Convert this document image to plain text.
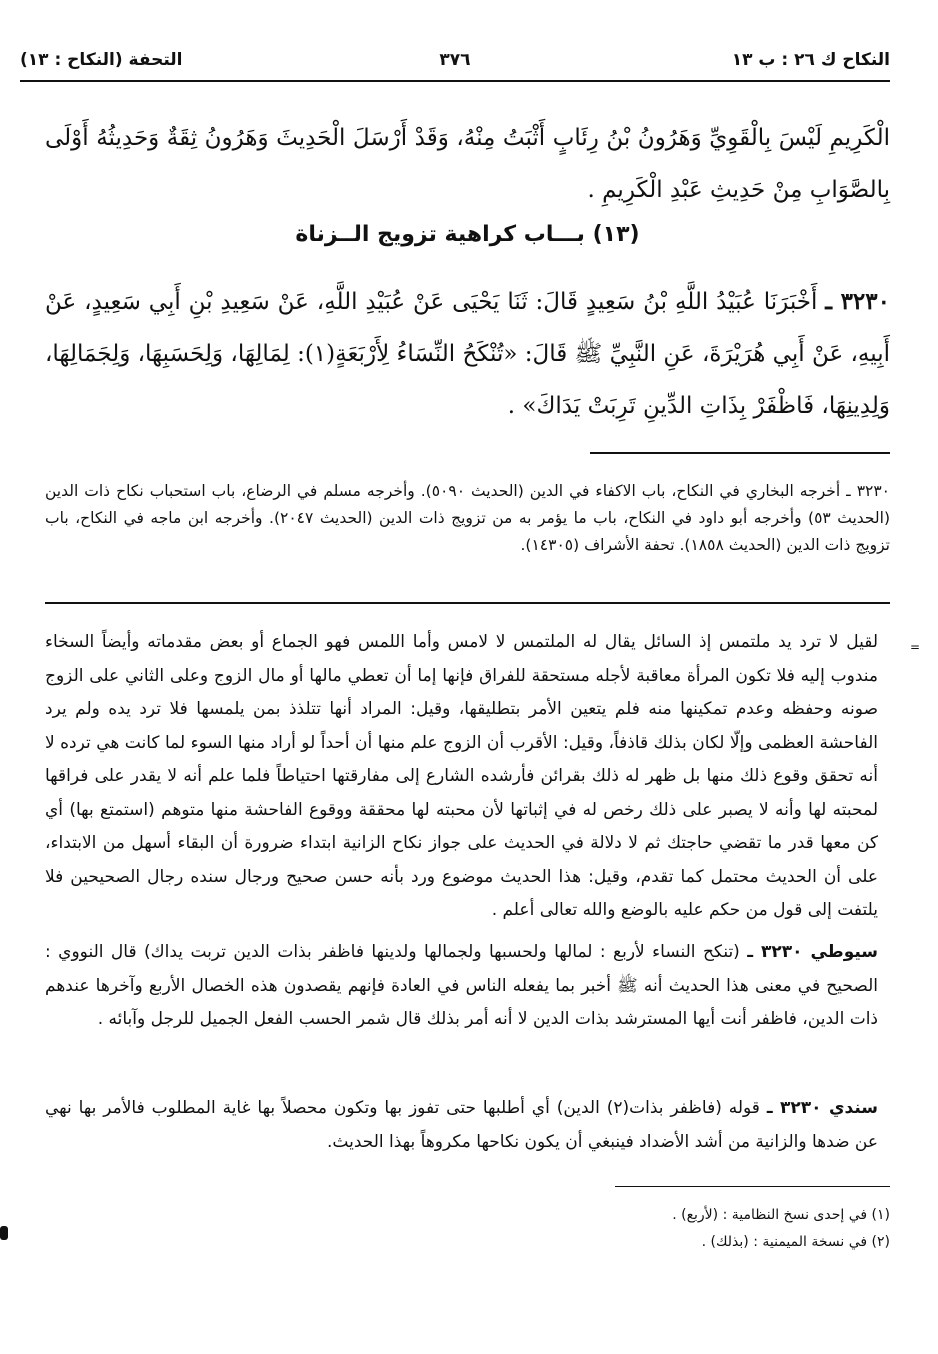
النكاح ك ٢٦ : ب ١٣
٣٧٦
التحفة (النكاح : ١٣)
الْكَرِيمِ لَيْسَ بِالْقَوِيِّ وَهَرُونُ بْنُ رِئَابٍ أَثْبَتُ مِنْهُ، وَقَدْ أَرْسَلَ الْحَدِيثَ وَهَرُونُ ثِقَةٌ وَحَدِيثُهُ أَوْلَى بِالصَّوَابِ مِنْ حَدِيثِ عَبْدِ الْكَرِيمِ .
(١٣) بـــاب كراهية تزويج الــزناة
٣٢٣٠ ـ أَخْبَرَنَا عُبَيْدُ اللَّهِ بْنُ سَعِيدٍ قَالَ: ثَنَا يَحْيَى عَنْ عُبَيْدِ اللَّهِ، عَنْ سَعِيدِ بْنِ أَبِي سَعِيدٍ، عَنْ أَبِيهِ، عَنْ أَبِي هُرَيْرَةَ، عَنِ النَّبِيِّ ﷺ قَالَ: «تُنْكَحُ النِّسَاءُ لِأَرْبَعَةٍ(١): لِمَالِهَا، وَلِحَسَبِهَا، وَلِجَمَالِهَا، وَلِدِينِهَا، فَاظْفَرْ بِذَاتِ الدِّينِ تَرِبَتْ يَدَاكَ» .
٣٢٣٠ ـ أخرجه البخاري في النكاح، باب الاكفاء في الدين (الحديث ٥٠٩٠). وأخرجه مسلم في الرضاع، باب استحباب نكاح ذات الدين (الحديث ٥٣) وأخرجه أبو داود في النكاح، باب ما يؤمر به من تزويج ذات الدين (الحديث ٢٠٤٧). وأخرجه ابن ماجه في النكاح، باب تزويج ذات الدين (الحديث ١٨٥٨). تحفة الأشراف (١٤٣٠٥).
=
لقيل لا ترد يد ملتمس إذ السائل يقال له الملتمس لا لامس وأما اللمس فهو الجماع أو بعض مقدماته وأيضاً السخاء مندوب إليه فلا تكون المرأة معاقبة لأجله مستحقة للفراق فإنها إما أن تعطي مالها أو مال الزوج وعلى الثاني على الزوج صونه وحفظه وعدم تمكينها منه فلم يتعين الأمر بتطليقها، وقيل: المراد أنها تتلذذ بمن يلمسها فلا ترد يده ولم يرد الفاحشة العظمى وإلّا لكان بذلك قاذفاً، وقيل: الأقرب أن الزوج علم منها أن أحداً لو أراد منها السوء لما كانت هي ترده لا أنه تحقق وقوع ذلك منها بل ظهر له ذلك بقرائن فأرشده الشارع إلى مفارقتها احتياطاً فلما علم أنه لا يقدر على فراقها لمحبته لها وأنه لا يصبر على ذلك رخص له في إثباتها لأن محبته لها محققة ووقوع الفاحشة منها متوهم (استمتع بها) أي كن معها قدر ما تقضي حاجتك ثم لا دلالة في الحديث على جواز نكاح الزانية ابتداء ضرورة أن البقاء أسهل من الابتداء، على أن الحديث محتمل كما تقدم، وقيل: هذا الحديث موضوع ورد بأنه حسن صحيح ورجال سنده رجال الصحيحين فلا يلتفت إلى قول من حكم عليه بالوضع والله تعالى أعلم .
سيوطي ٣٢٣٠ ـ (تنكح النساء لأربع : لمالها ولحسبها ولجمالها ولدينها فاظفر بذات الدين تربت يداك) قال النووي : الصحيح في معنى هذا الحديث أنه ﷺ أخبر بما يفعله الناس في العادة فإنهم يقصدون هذه الخصال الأربع وآخرها عندهم ذات الدين، فاظفر أنت أيها المسترشد بذات الدين لا أنه أمر بذلك قال شمر الحسب الفعل الجميل للرجل وآبائه .
سندي ٣٢٣٠ ـ قوله (فاظفر بذات(٢) الدين) أي أطلبها حتى تفوز بها وتكون محصلاً بها غاية المطلوب فالأمر بها نهي عن ضدها والزانية من أشد الأضداد فينبغي أن يكون نكاحها مكروهاً بهذا الحديث.
(١) في إحدى نسخ النظامية : (لأربع) .
(٢) في نسخة الميمنية : (بذلك) .
